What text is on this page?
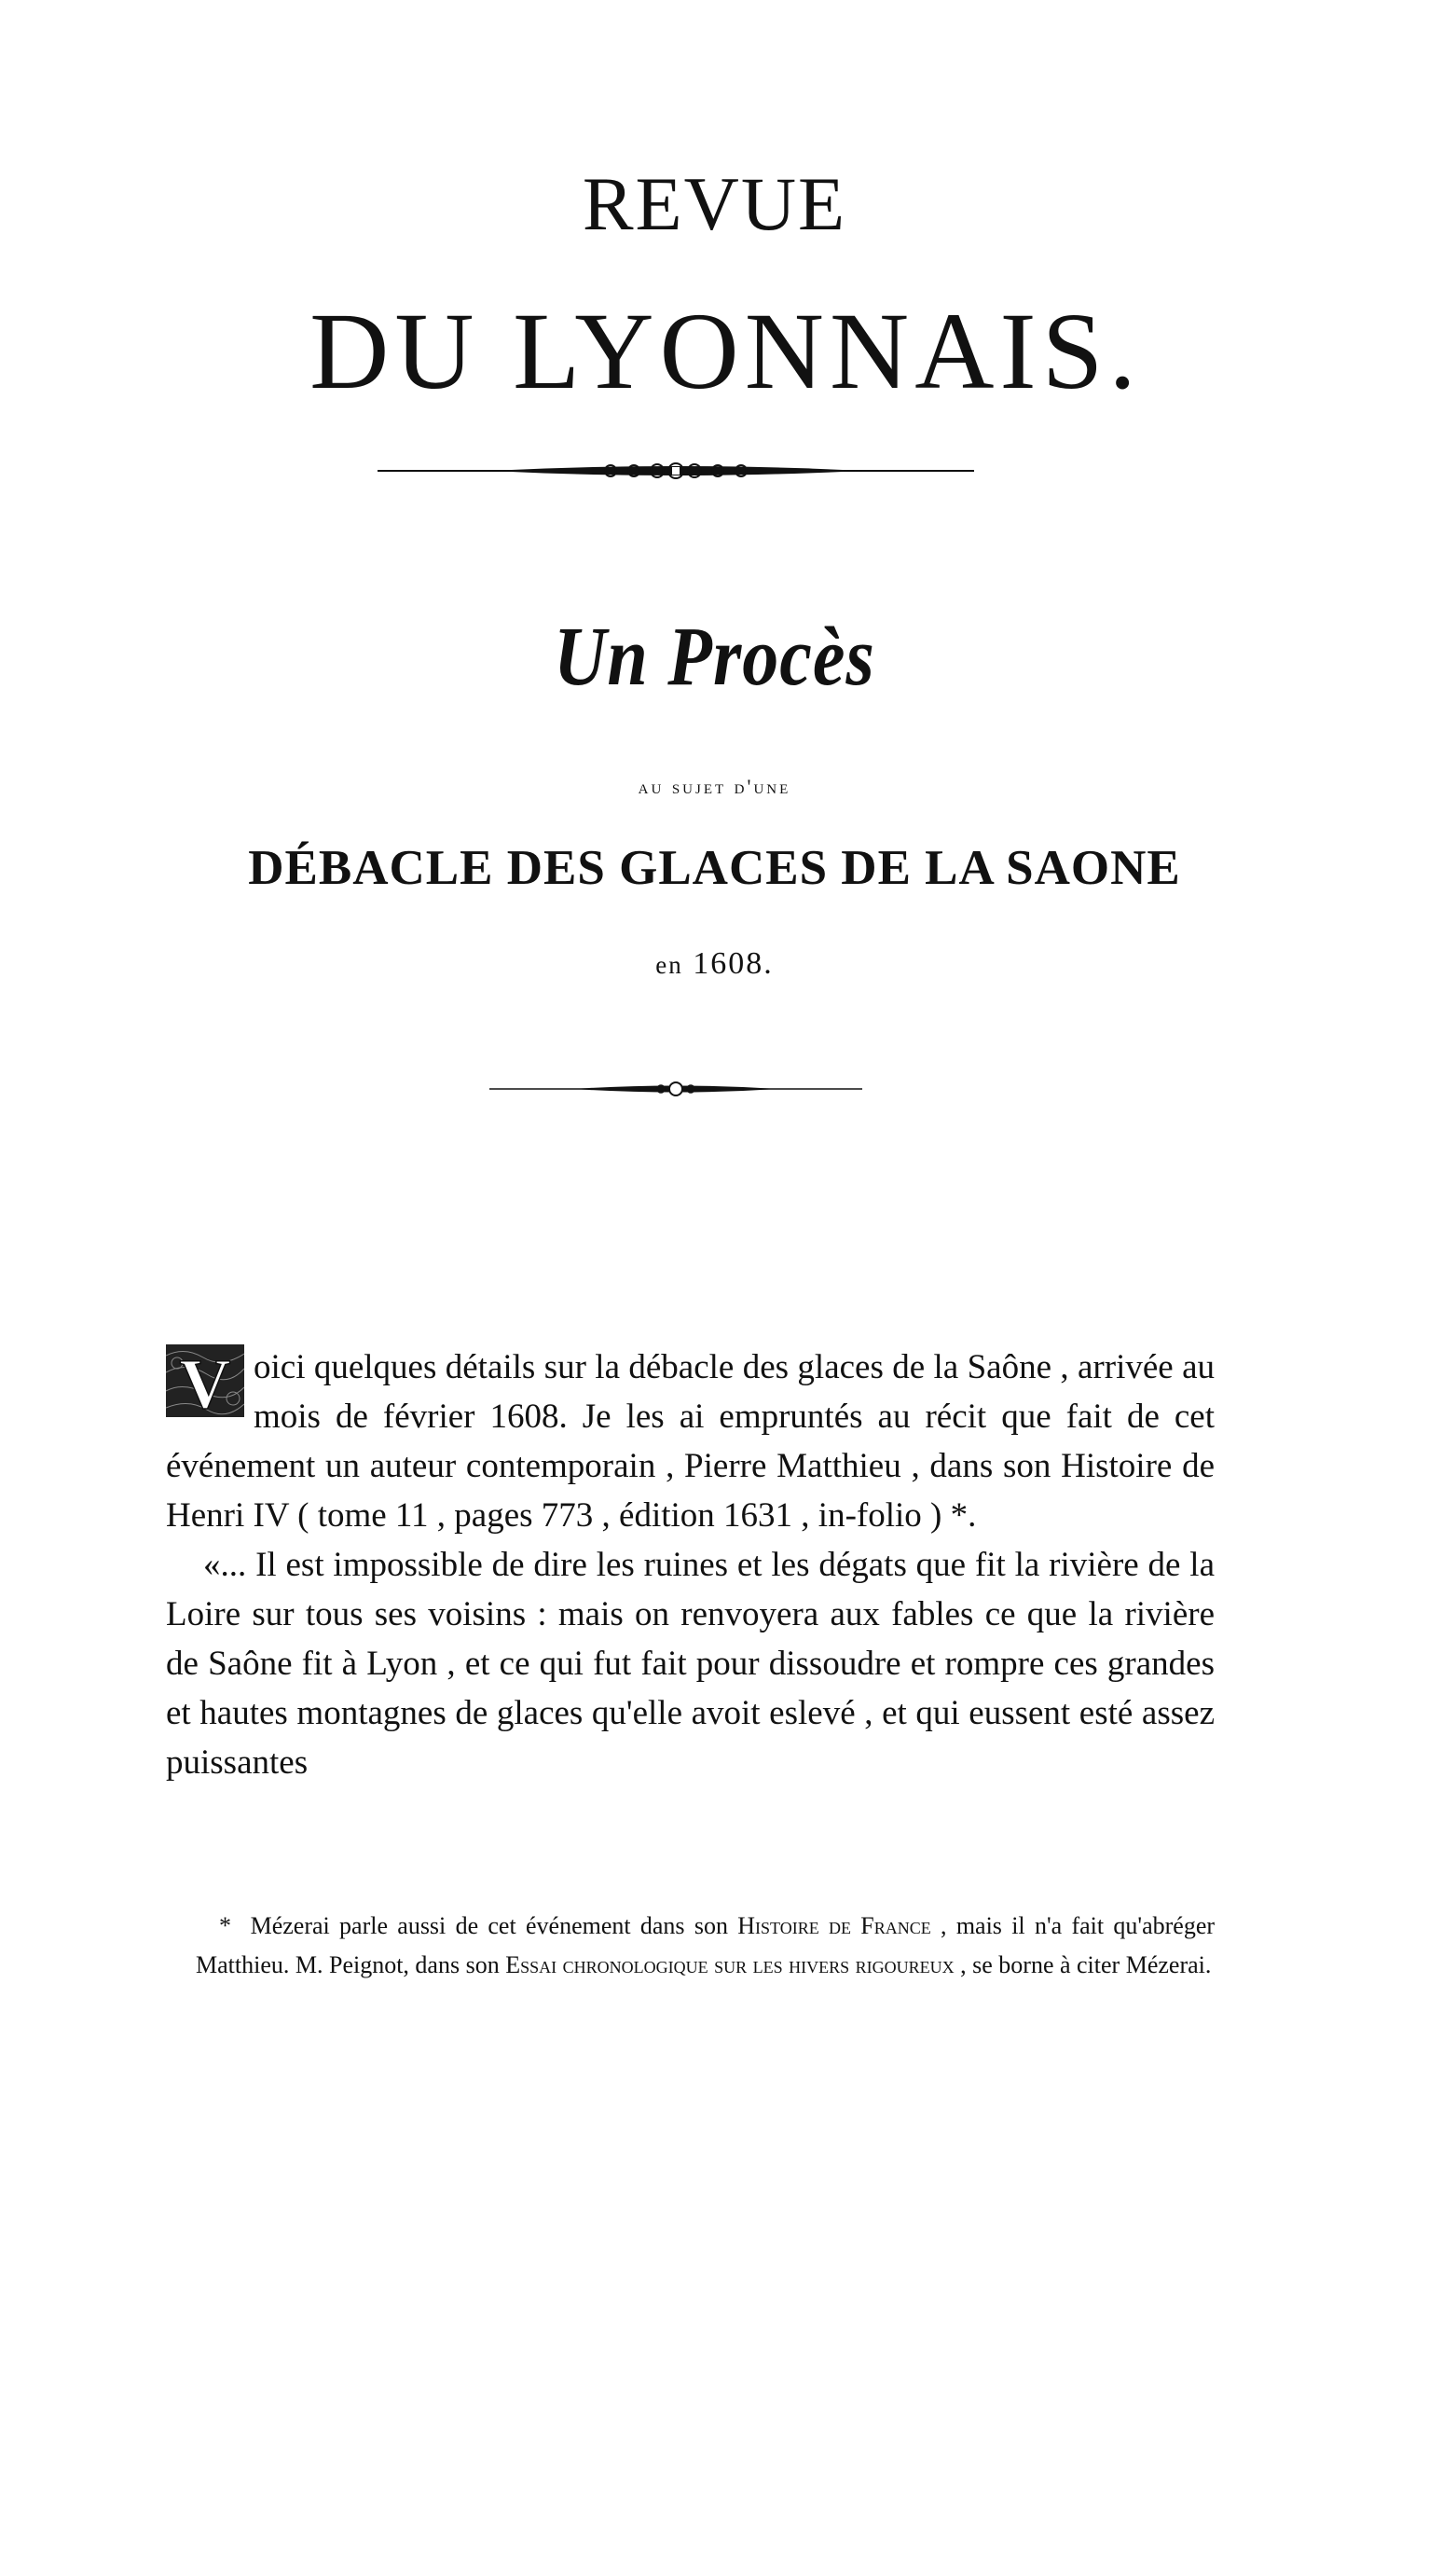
REVUE
DU LYONNAIS.
Un Procès
au sujet d'une
DÉBACLE DES GLACES DE LA SAONE
en 1608.

V oici quelques détails sur la débacle des glaces de la Saône , arrivée au mois de février 1608. Je les ai empruntés au récit que fait de cet événement un auteur contemporain , Pierre Matthieu , dans son Histoire de Henri IV ( tome 11 , pages 773 , édition 1631 , in-folio ) *.

«... Il est impossible de dire les ruines et les dégats que fit la rivière de la Loire sur tous ses voisins : mais on renvoyera aux fables ce que la rivière de Saône fit à Lyon , et ce qui fut fait pour dissoudre et rompre ces grandes et hautes montagnes de glaces qu'elle avoit eslevé , et qui eussent esté assez puissantes

* Mézerai parle aussi de cet événement dans son Histoire de France , mais il n'a fait qu'abréger Matthieu. M. Peignot, dans son Essai chronologique sur les hivers rigoureux , se borne à citer Mézerai.
